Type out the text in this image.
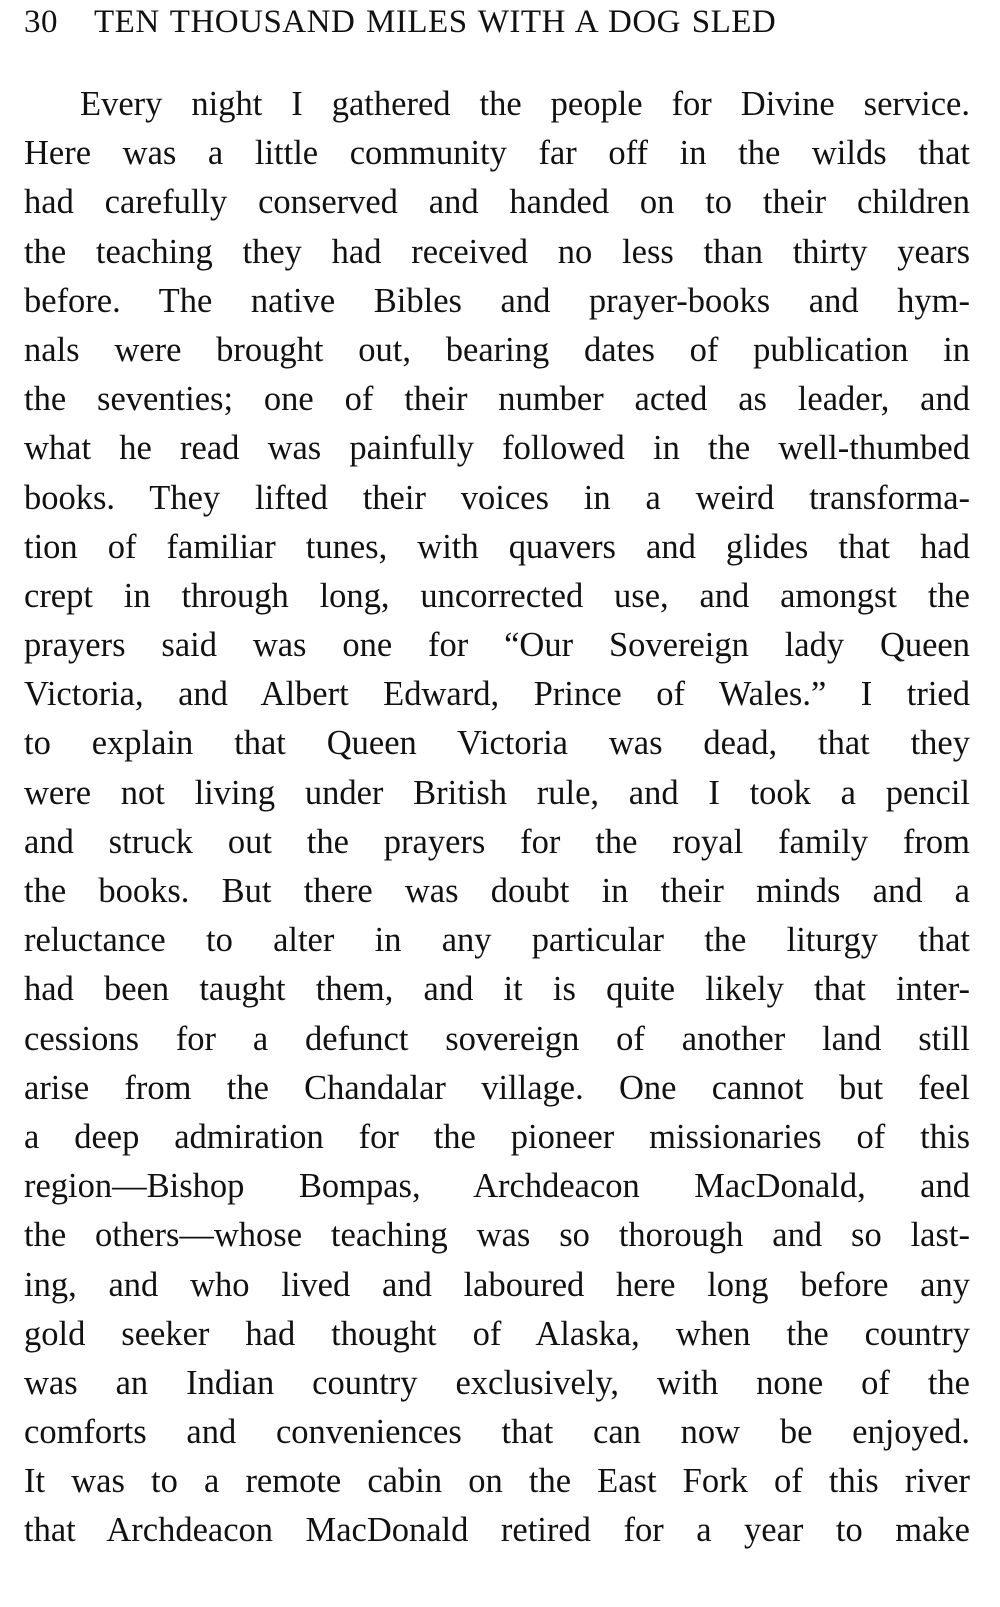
30	TEN THOUSAND MILES WITH A DOG SLED
Every night I gathered the people for Divine service.
Here was a little community far off in the wilds that
had carefully conserved and handed on to their children
the teaching they had received no less than thirty years
before. The native Bibles and prayer-books and hym-
nals were brought out, bearing dates of publication in
the seventies; one of their number acted as leader, and
what he read was painfully followed in the well-thumbed
books. They lifted their voices in a weird transforma-
tion of familiar tunes, with quavers and glides that had
crept in through long, uncorrected use, and amongst the
prayers said was one for “Our Sovereign lady Queen
Victoria, and Albert Edward, Prince of Wales.” I tried
to explain that Queen Victoria was dead, that they
were not living under British rule, and I took a pencil
and struck out the prayers for the royal family from
the books. But there was doubt in their minds and a
reluctance to alter in any particular the liturgy that
had been taught them, and it is quite likely that inter-
cessions for a defunct sovereign of another land still
arise from the Chandalar village. One cannot but feel
a deep admiration for the pioneer missionaries of this
region—Bishop Bompas, Archdeacon MacDonald, and
the others—whose teaching was so thorough and so last-
ing, and who lived and laboured here long before any
gold seeker had thought of Alaska, when the country
was an Indian country exclusively, with none of the
comforts and conveniences that can now be enjoyed.
It was to a remote cabin on the East Fork of this river
that Archdeacon MacDonald retired for a year to make
